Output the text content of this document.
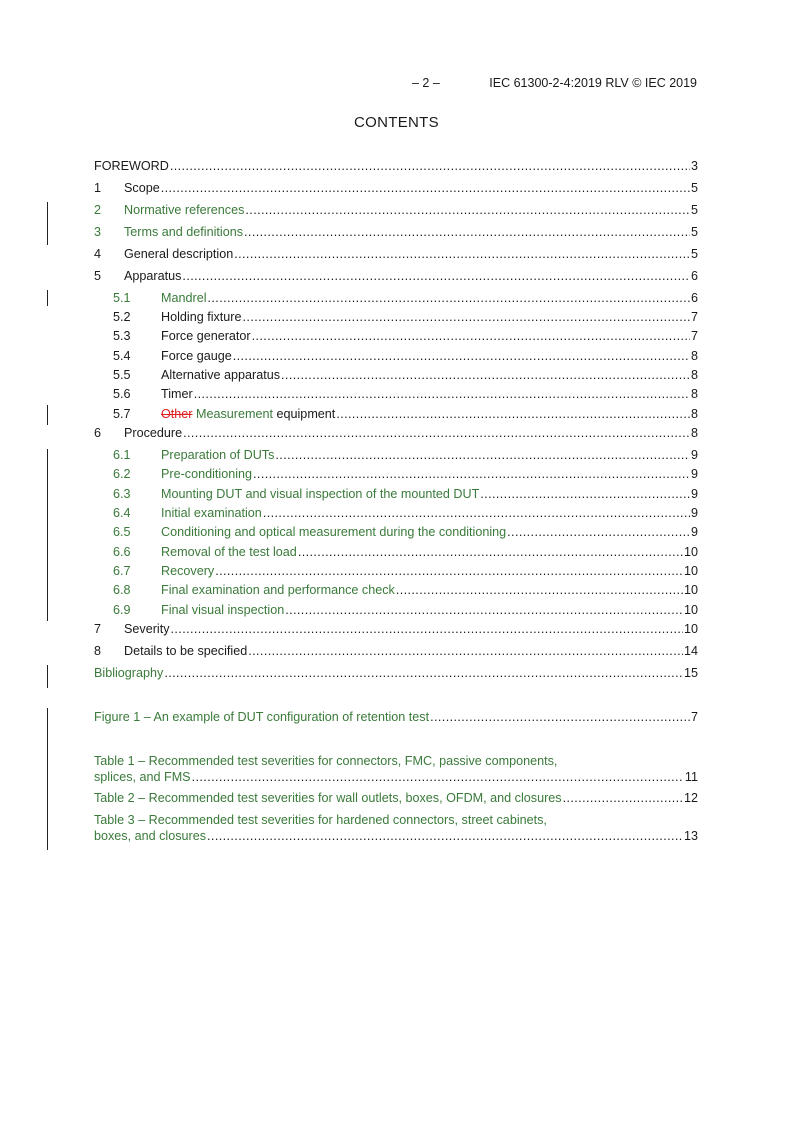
– 2 –	IEC 61300-2-4:2019 RLV © IEC 2019
CONTENTS
FOREWORD .....	3
1	Scope .....	5
2	Normative references .....	5
3	Terms and definitions .....	5
4	General description .....	5
5	Apparatus .....	6
5.1	Mandrel .....	6
5.2	Holding fixture .....	7
5.3	Force generator .....	7
5.4	Force gauge .....	8
5.5	Alternative apparatus .....	8
5.6	Timer .....	8
5.7	Other Measurement equipment .....	8
6	Procedure .....	8
6.1	Preparation of DUTs .....	9
6.2	Pre-conditioning .....	9
6.3	Mounting DUT and visual inspection of the mounted DUT .....	9
6.4	Initial examination .....	9
6.5	Conditioning and optical measurement during the conditioning .....	9
6.6	Removal of the test load .....	10
6.7	Recovery .....	10
6.8	Final examination and performance check .....	10
6.9	Final visual inspection .....	10
7	Severity .....	10
8	Details to be specified .....	14
Bibliography .....	15
Figure 1 – An example of DUT configuration of retention test .....	7
Table 1 – Recommended test severities for connectors, FMC, passive components,
splices, and FMS .....	11
Table 2 – Recommended test severities for wall outlets, boxes, OFDM, and closures .....	12
Table 3 – Recommended test severities for hardened connectors, street cabinets,
boxes, and closures .....	13
